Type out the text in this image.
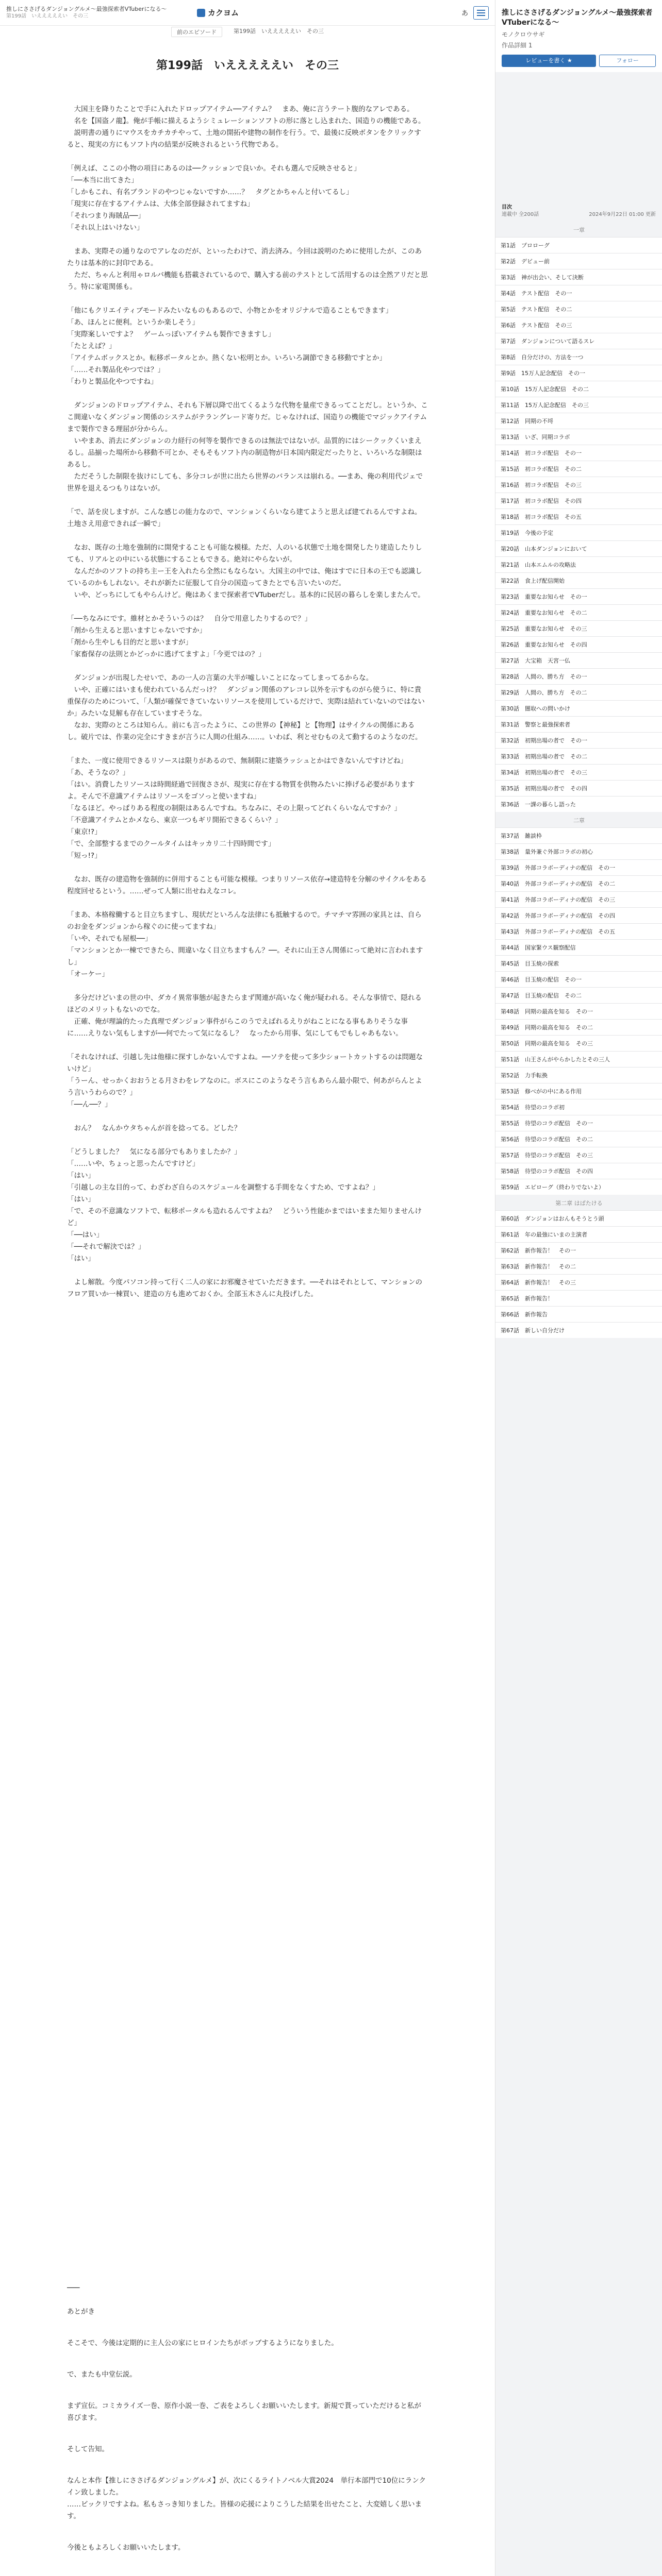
推しにささげるダンジョングルメ〜最強探索者VTuberになる〜
第199話　いえええええい　その三	カクヨム	あ
前のエピソード	第199話　いえええええい　その三
第199話　いえええええい　その三

　大国主を降りたことで手に入れたドロップアイテム──アイテム？　まあ、俺に言うテート腹的なアレである。
　名を【国盗ノ龍】。俺が手帳に描えるようシミュレーションソフトの形に落とし込まれた、国造りの機能である。
　説明書の通りにマウスをカチカチやって、土地の開拓や建物の制作を行う。で、最後に反映ボタンをクリックすると、現実の方にもソフト内の結果が反映されるという代物である。

「例えば、ここの小物の項目にあるのは──クッションで良いか。それも選んで反映させると」
「──本当に出てきた」
「しかもこれ、有名ブランドのやつじゃないですか……？　タグとかちゃんと付いてるし」
「現実に存在するアイテムは、大体全部登録されてますね」
「それつまり海賊品──」
「それ以上はいけない」

　まあ、実際その通りなのでアレなのだが、といったわけで、消去済み。今回は説明のために使用したが、このあたりは基本的に封印である。
　ただ、ちゃんと利用ゃロルバ機能も搭載されているので、購入する前のテストとして活用するのは全然アリだと思う。特に家電関係も。

「他にもクリエイティブモードみたいなものもあるので、小物とかをオリジナルで造ることもできます」
「あ、ほんとに便利。というか楽しそう」
「実際案しいですよ？　ゲームっぽいアイテムも製作できますし」
「たとえば？」
「アイテムボックスとか。転移ポータルとか。熱くない松明とか。いろいろ調節できる移動ですとか」
「……それ製品化やつでは？」
「わりと製品化やつですね」

　ダンジョンのドロップアイテム、それも下層以降で出てくるような代物を量産できるってことだし。というか、ここ間違いなくダンジョン関係のシステムがテラングレード寄りだ。じゃなければ、国造りの機能でマジックアイテムまで製作できる理屈が分からん。
　いやまあ、消去にダンジョンの力経行の何等を製作できるのは無法ではないが。品質的にはシークックくいまえるし。品揃った場所から移動不可とか、そもそもソフト内の制造物が日本国内限定だったりと、いろいろな制限はあるし。
　ただそうした制限を抜けにしても、多分コレが世に出たら世界のバランスは崩れる。──まあ、俺の利用代ジェで世界を退えるつもりはないが。

「で、話を戻しますが。こんな感じの能力なので、マンションくらいなら建てようと思えば建てれるんですよね。土地さえ用意できれば一瞬で」

　なお、既存の土地を強制的に開発することも可能な模様。ただ、人のいる状態で土地を開発したり建造したりしても、リアルとの中にいる状態にすることもできる。絶対にやらないが。
　なんだかのソフトの持ち主ー王を入れたら全然にもならない。大国主の中では、俺はすでに日本の王でも認識しているのかもしれない。それが新たに征服して自分の国造ってきたとでも言いたいのだ。
　いや、どっちにしてもやらんけど。俺はあくまで探索者でVTuberだし。基本的に民居の暮らしを楽しまたんで。

「──ちなみにです。維材とかそういうのは？　自分で用意したりするので？」
「剤から生えると思いますじゃないですか」
「剤から生やしも目的だと思いますが」
「家畜保存の法則とかどっかに逃げてますよ」「今更ではの？」

　ダンジョンが出現したせいで、あの一人の言葉の大半が嘘しいことになってしまってるからな。
　いや、正確にはいまも使われているんだっけ？　ダンジョン関係のアレコレ以外を示すものがら使うに、特に貴重保存のためについて、「人類が確保できていないリソースを使用しているだけで、実際は結れていないのではないか」みたいな見解も存在していますそうな。
　なお、実際のところは知らん。前にも言ったように、この世界の【神秘】と【物理】はサイクルの関係にあるし。破片では、作業の完全にすきまが言うに人間の仕組み……。いわば、利とせむものえて動するのようなのだ。

「また、一度に使用できるリソースは限りがあるので、無制限に建築ラッシュとかはできないんですけどね」
「あ、そうなの？」
「はい。消費したリソースは時間経過で回復ささが、現実に存在する物質を供物みたいに捧げる必要がありますよ。そんで不意識アイテムはリソースをゴソっと使いますね」
「なるほど。やっぱりある程度の制限はあるんですね。ちなみに、その上限ってどれくらいなんですか？」
「不意識アイテムとかメなら、東京一つもギリ開拓できるくらい？」
「東京!?」
「で、全部整するまでのクールタイムはキッカリ二十四時間です」
「短っ!?」

　なお、既存の建造物を強制的に併用することも可能な模様。つまりリソース依存→建造特を分解のサイクルをある程度回せるという。……ぜって人類に出せねえなコレ。

「まあ、本格稼働すると目立ちますし、現状だといろんな法律にも抵触するので。チマチマ雰囲の家具とは、自らのお金をダンジョンから稼ぐのに使ってますね」
「いや、それでも屋根──」
「マンションとか一棟でできたら、間違いなく目立ちますもん？──。それに山王さん関係にって絶対に言われますし」
「オーケー」

　多分だけどいまの世の中、ダカイ異常事態が起きたらまず関連が高いなく俺が疑われる。そんな事情で、隠れるほどのメリットもないのでな。
　正確、俺が理論的たった真理でダンジョン事件がらこのうでえばれるえりがねことになる事もありそうな事に……えりない気もしますが──何でたって気になるし？　なったから用事、気にしてもでもしゃあもない。

「それなければ、引越し先は他様に探すしかないんですよね。──ソテを使って多少ショートカットするのは問題ないけど」
「うーん、せっかくおおうとる月さわをレアなのに。ボスにこのようなそう言もあらん最小限で、何あがらんとよう言いうわらので？」
「──ん──？」

　おん？　なんかウタちゃんが首を捻ってる。どした？

「どうしました？　気になる部分でもありましたか？」
「……いや、ちょっと思ったんですけど」
「はい」
「引越しの主な目的って、わざわざ自らのスケジュールを調整する手間をなくすため、ですよね？」
「はい」
「で、その不意識なソフトで、転移ポータルも造れるんですよね？　どういう性能かまではいままた知りませんけど」
「──はい」
「──それで解決では？」
「はい」

　よし解散。今度パソコン持って行く二人の家にお邪魔させていただきます。──それはそれとして、マンションのフロア買いか一棟買い、建造の方も進めておくか。全部玉木さんに丸投げした。

───

あとがき

そこそで、今後は定期的に主人公の家にヒロインたちがボッブするようになりました。

で、またも中堂伝説。

まず宣伝。コミカライズ一巻、原作小説一巻、ご表をよろしくお願いいたします。新規で貰っていただけると私が喜びます。

そして告知。

なんと本作【推しにささげるダンジョングルメ】が、次にくるライトノベル大賞2024　単行本部門で10位にランクイン致しました。
……ビックリですよね。私もさっき知りました。皆様の応援によりこうした結果を出せたこと、大変嬉しく思います。

今後ともよろしくお願いいたします。

推しにささげるダンジョングルメ〜最強探索者VTuberになる〜
モノクロウサギ
作品詳細 1
レビューを書く ★	フォロー
目次
連載中 全200話	2024年9月22日 01:00 更新
一章
第1話　プロローグ
第2話　デビュー前
第3話　神が出会い、そして決断
第4話　テスト配信　その一
第5話　テスト配信　その二
第6話　テスト配信　その三
第7話　ダンジョンについて語るスレ
第8話　自分だけの、方法を一つ
第9話　15万人記念配信　その一
第10話　15万人記念配信　その二
第11話　15万人記念配信　その三
第12話　同期の不埒
第13話　いざ、同期コラボ
第14話　初コラボ配信　その一
第15話　初コラボ配信　その二
第16話　初コラボ配信　その三
第17話　初コラボ配信　その四
第18話　初コラボ配信　その五
第19話　今後の予定
第20話　山本ダンジョンにおいて
第21話　山本エムルの攻略法
第22話　食上げ配信開始
第23話　重要なお知らせ　その一
第24話　重要なお知らせ　その二
第25話　重要なお知らせ　その三
第26話　重要なお知らせ　その四
第27話　大宝箱　天宮一仏
第28話　人間の、勝ち方　その一
第29話　人間の、勝ち方　その二
第30話　闇取への問いかけ
第31話　警察と最強探索者
第32話　初期出場の者で　その一
第33話　初期出場の者で　その二
第34話　初期出場の者で　その三
第35話　初期出場の者で　その四
第36話　一課の暮らし語った
二章
第37話　雑談枠
第38話　量外兼ぐ外部コラボの初心
第39話　外部コラボーディナの配信　その一
第40話　外部コラボーディナの配信　その二
第41話　外部コラボーディナの配信　その三
第42話　外部コラボーディナの配信　その四
第43話　外部コラボーディナの配信　その五
第44話　国家緊ウス観察配信
第45話　目玉焼の探索
第46話　目玉焼の配信　その一
第47話　目玉焼の配信　その二
第48話　同期の最高を知る　その一
第49話　同期の最高を知る　その二
第50話　同期の最高を知る　その三
第51話　山王さんがやらかしたとその三人
第52話　力手転換
第53話　修べがの中にある作用
第54話　待望のコラボ初
第55話　待望のコラボ配信　その一
第56話　待望のコラボ配信　その二
第57話　待望のコラボ配信　その三
第58話　待望のコラボ配信　その四
第59話　エピローグ（終わりでないよ）
第二章 はばたける
第60話　ダンジョンはおんもそうとう頭
第61話　年の最強にいまの主演者
第62話　新作報告！　その一
第63話　新作報告！　その二
第64話　新作報告！　その三
第65話　新作報告！
第66話　新作報告
第67話　新しい自分だけ
